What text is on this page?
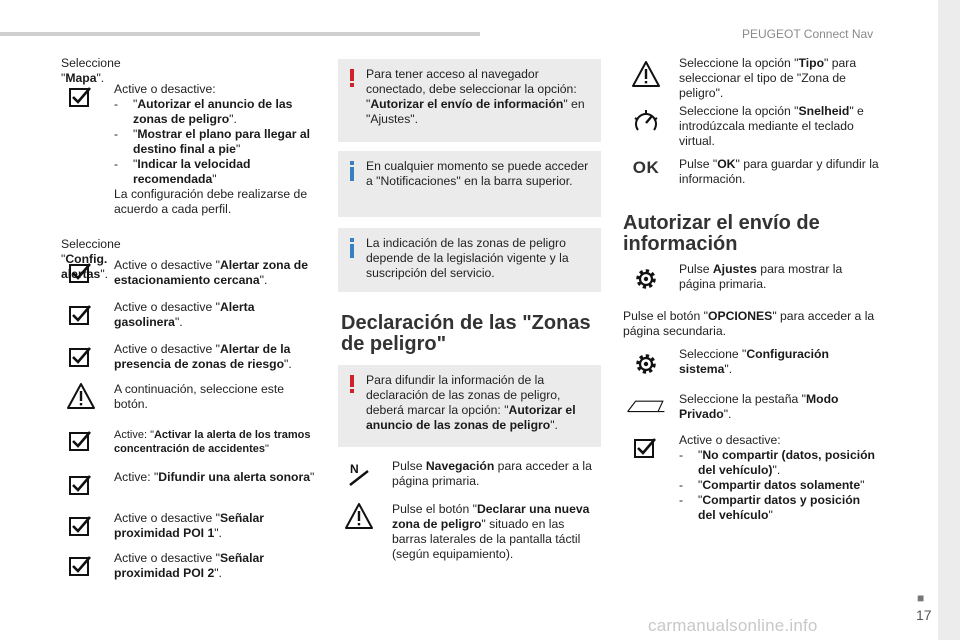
PEUGEOT Connect Nav
■
17
carmanualsonline.info
Seleccione "Mapa".
Active o desactive:
-	"Autorizar el anuncio de las zonas de peligro".
-	"Mostrar el plano para llegar al destino final a pie"
-	"Indicar la velocidad recomendada"
La configuración debe realizarse de acuerdo a cada perfil.
Seleccione "Config. alertas".
Active o desactive "Alertar zona de estacionamiento cercana".
Active o desactive "Alerta gasolinera".
Active o desactive "Alertar de la presencia de zonas de riesgo".
A continuación, seleccione este botón.
Active: "Activar la alerta de los tramos concentración de accidentes"
Active: "Difundir una alerta sonora"
Active o desactive "Señalar proximidad POI 1".
Active o desactive "Señalar proximidad POI 2".
Para tener acceso al navegador conectado, debe seleccionar la opción: "Autorizar el envío de información" en "Ajustes".
En cualquier momento se puede acceder a "Notificaciones" en la barra superior.
La indicación de las zonas de peligro depende de la legislación vigente y la suscripción del servicio.
Declaración de las "Zonas de peligro"
Para difundir la información de la declaración de las zonas de peligro, deberá marcar la opción: "Autorizar el anuncio de las zonas de peligro".
N	Pulse Navegación para acceder a la página primaria.
Pulse el botón "Declarar una nueva zona de peligro" situado en las barras laterales de la pantalla táctil (según equipamiento).
Seleccione la opción "Tipo" para seleccionar el tipo de "Zona de peligro".
Seleccione la opción "Snelheid" e introdúzcala mediante el teclado virtual.
OK	Pulse "OK" para guardar y difundir la información.
Autorizar el envío de información
Pulse Ajustes para mostrar la página primaria.
Pulse el botón "OPCIONES" para acceder a la página secundaria.
Seleccione "Configuración sistema".
Seleccione la pestaña "Modo Privado".
Active o desactive:
-	"No compartir (datos, posición del vehículo)".
-	"Compartir datos solamente"
-	"Compartir datos y posición del vehículo"
